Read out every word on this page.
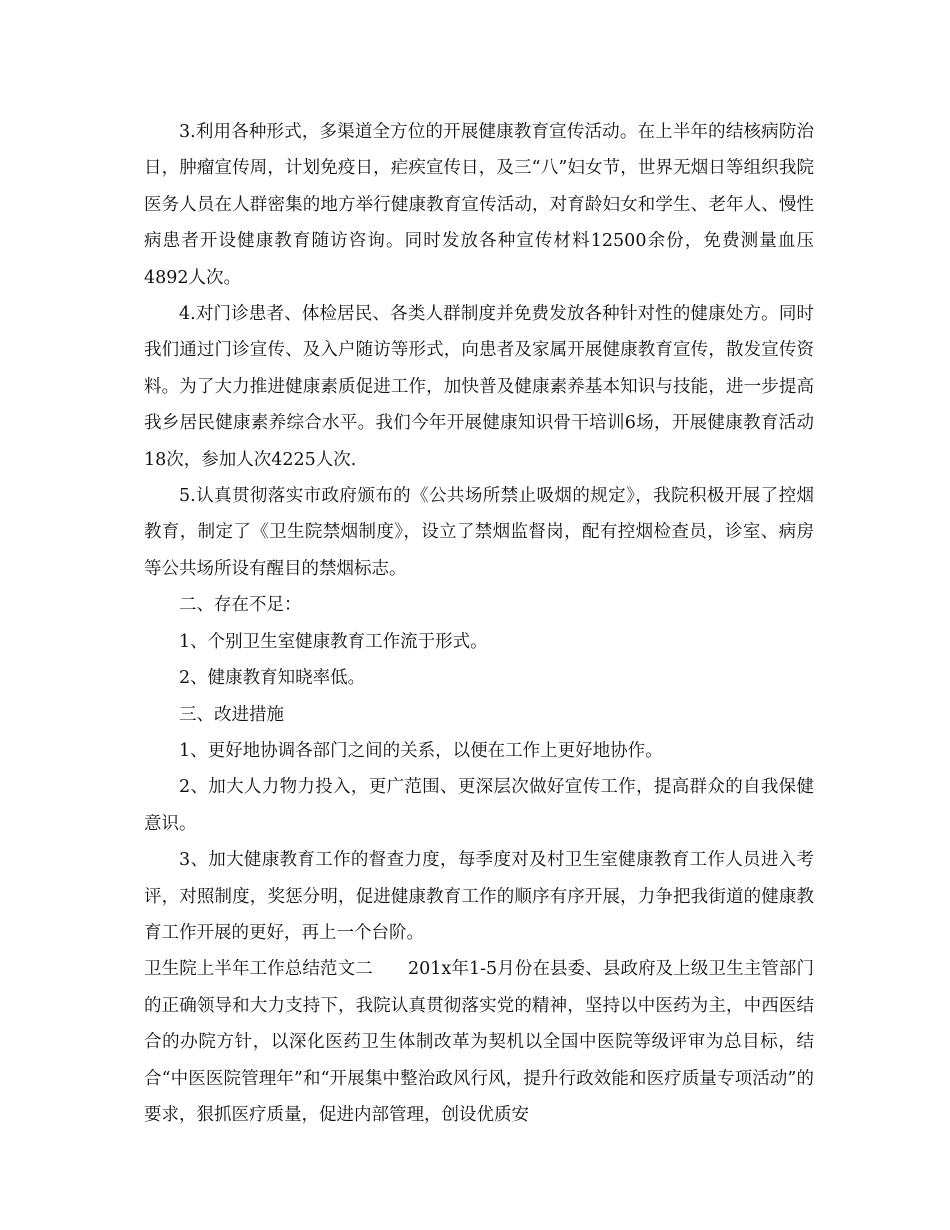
3.利用各种形式，多渠道全方位的开展健康教育宣传活动。在上半年的结核病防治日，肿瘤宣传周，计划免疫日，疟疾宣传日，及三“八”妇女节，世界无烟日等组织我院医务人员在人群密集的地方举行健康教育宣传活动，对育龄妇女和学生、老年人、慢性病患者开设健康教育随访咨询。同时发放各种宣传材料12500余份，免费测量血压4892人次。

4.对门诊患者、体检居民、各类人群制度并免费发放各种针对性的健康处方。同时我们通过门诊宣传、及入户随访等形式，向患者及家属开展健康教育宣传，散发宣传资料。为了大力推进健康素质促进工作，加快普及健康素养基本知识与技能，进一步提高我乡居民健康素养综合水平。我们今年开展健康知识骨干培训6场，开展健康教育活动18次，参加人次4225人次.

5.认真贯彻落实市政府颁布的《公共场所禁止吸烟的规定》，我院积极开展了控烟教育，制定了《卫生院禁烟制度》，设立了禁烟监督岗，配有控烟检查员，诊室、病房等公共场所设有醒目的禁烟标志。

二、存在不足：

1、个别卫生室健康教育工作流于形式。

2、健康教育知晓率低。

三、改进措施

1、更好地协调各部门之间的关系，以便在工作上更好地协作。

2、加大人力物力投入，更广范围、更深层次做好宣传工作，提高群众的自我保健意识。

3、加大健康教育工作的督查力度，每季度对及村卫生室健康教育工作人员进入考评，对照制度，奖惩分明，促进健康教育工作的顺序有序开展，力争把我街道的健康教育工作开展的更好，再上一个台阶。

卫生院上半年工作总结范文二　　201x年1-5月份在县委、县政府及上级卫生主管部门的正确领导和大力支持下，我院认真贯彻落实党的精神，坚持以中医药为主，中西医结合的办院方针，以深化医药卫生体制改革为契机以全国中医院等级评审为总目标，结合“中医医院管理年”和“开展集中整治政风行风，提升行政效能和医疗质量专项活动”的要求，狠抓医疗质量，促进内部管理，创设优质安
